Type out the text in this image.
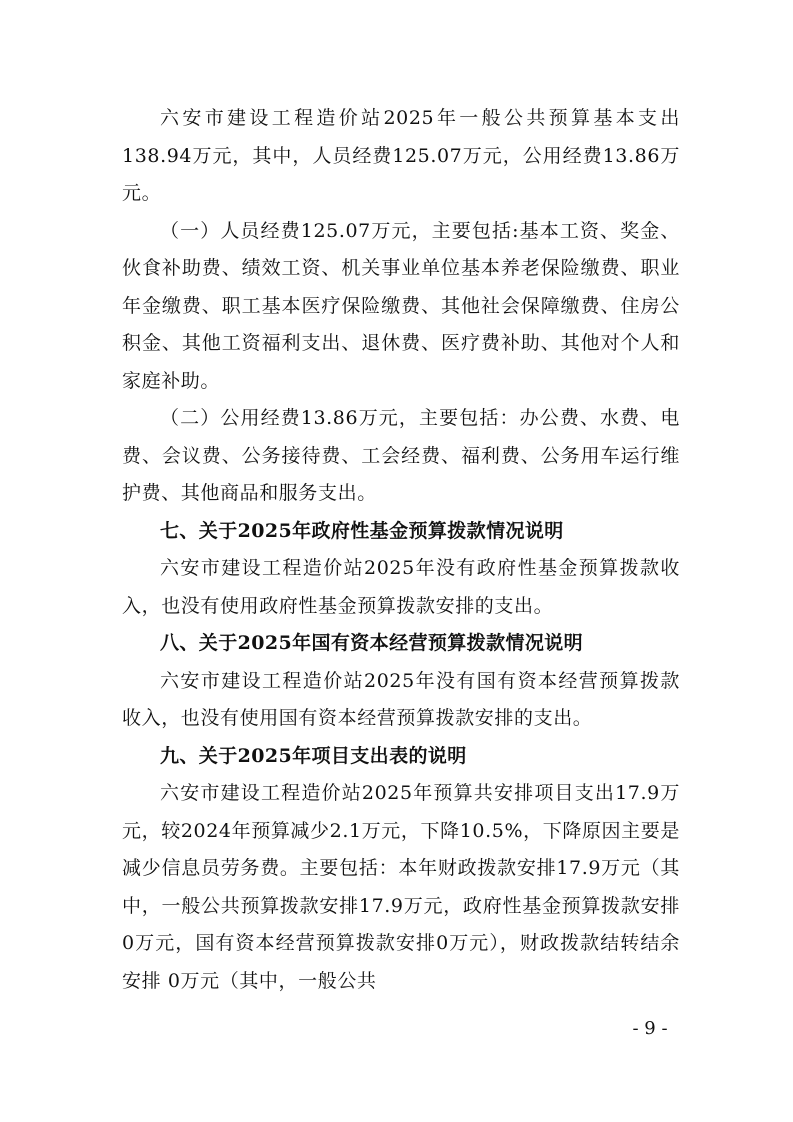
六安市建设工程造价站2025年一般公共预算基本支出138.94万元，其中，人员经费125.07万元，公用经费13.86万元。

（一）人员经费125.07万元，主要包括:基本工资、奖金、伙食补助费、绩效工资、机关事业单位基本养老保险缴费、职业年金缴费、职工基本医疗保险缴费、其他社会保障缴费、住房公积金、其他工资福利支出、退休费、医疗费补助、其他对个人和家庭补助。

（二）公用经费13.86万元，主要包括：办公费、水费、电费、会议费、公务接待费、工会经费、福利费、公务用车运行维护费、其他商品和服务支出。

七、关于2025年政府性基金预算拨款情况说明

六安市建设工程造价站2025年没有政府性基金预算拨款收入，也没有使用政府性基金预算拨款安排的支出。

八、关于2025年国有资本经营预算拨款情况说明

六安市建设工程造价站2025年没有国有资本经营预算拨款收入，也没有使用国有资本经营预算拨款安排的支出。

九、关于2025年项目支出表的说明

六安市建设工程造价站2025年预算共安排项目支出17.9万元，较2024年预算减少2.1万元，下降10.5%，下降原因主要是减少信息员劳务费。主要包括：本年财政拨款安排17.9万元（其中，一般公共预算拨款安排17.9万元，政府性基金预算拨款安排0万元，国有资本经营预算拨款安排0万元），财政拨款结转结余安排 0万元（其中，一般公共

- 9 -
